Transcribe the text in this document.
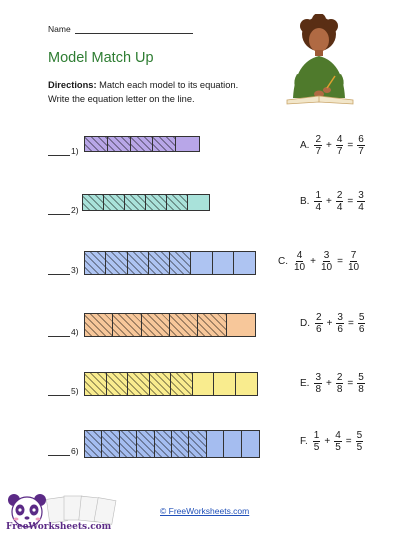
Name
Model Match Up
Directions: Match each model to its equation.
Write the equation letter on the line.
1)
2)
3)
4)
5)
6)
A. $\frac{2}{7} + \frac{4}{7} = \frac{6}{7}$
B. $\frac{1}{4} + \frac{2}{4} = \frac{3}{4}$
C. $\frac{4}{10} + \frac{3}{10} = \frac{7}{10}$
D. $\frac{2}{6} + \frac{3}{6} = \frac{5}{6}$
E. $\frac{3}{8} + \frac{2}{8} = \frac{5}{8}$
F. $\frac{1}{5} + \frac{4}{5} = \frac{5}{5}$
© FreeWorksheets.com
FreeWorksheets.com
